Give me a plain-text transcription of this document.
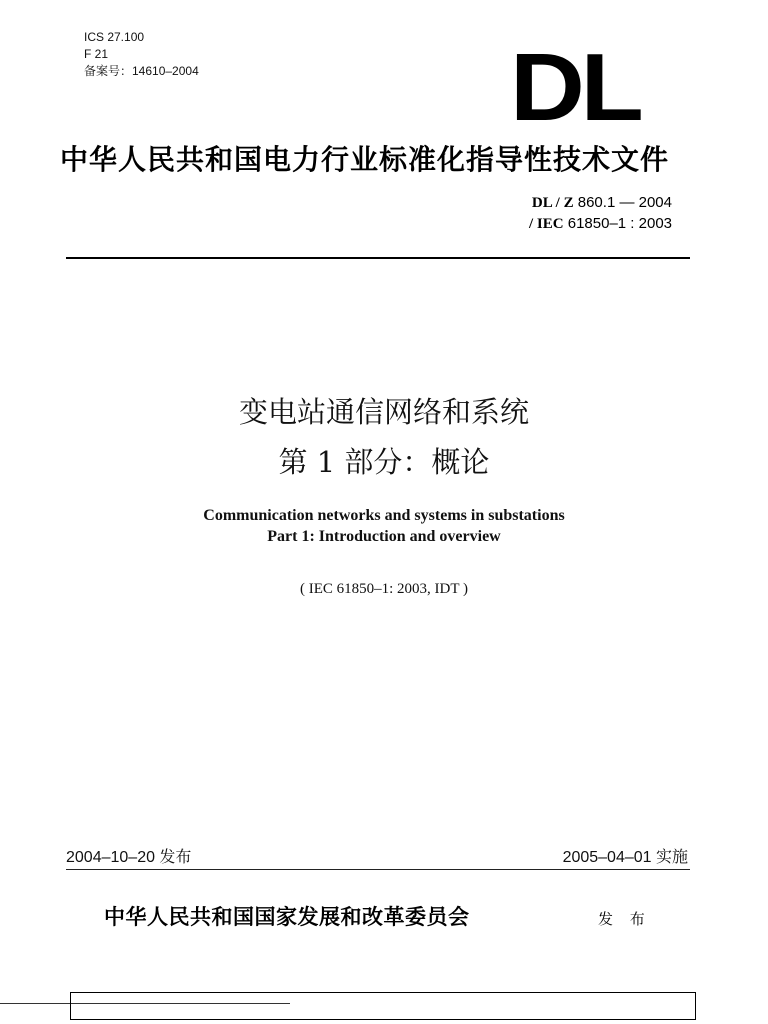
ICS 27.100
F 21
备案号：14610–2004	DL
中华人民共和国电力行业标准化指导性技术文件
DL / Z 860.1 — 2004
/ IEC 61850–1 : 2003
变电站通信网络和系统
第 1 部分：概论
Communication networks and systems in substations
Part 1: Introduction and overview
( IEC 61850–1: 2003, IDT )
2004–10–20 发布	2005–04–01 实施
中华人民共和国国家发展和改革委员会	发 布
